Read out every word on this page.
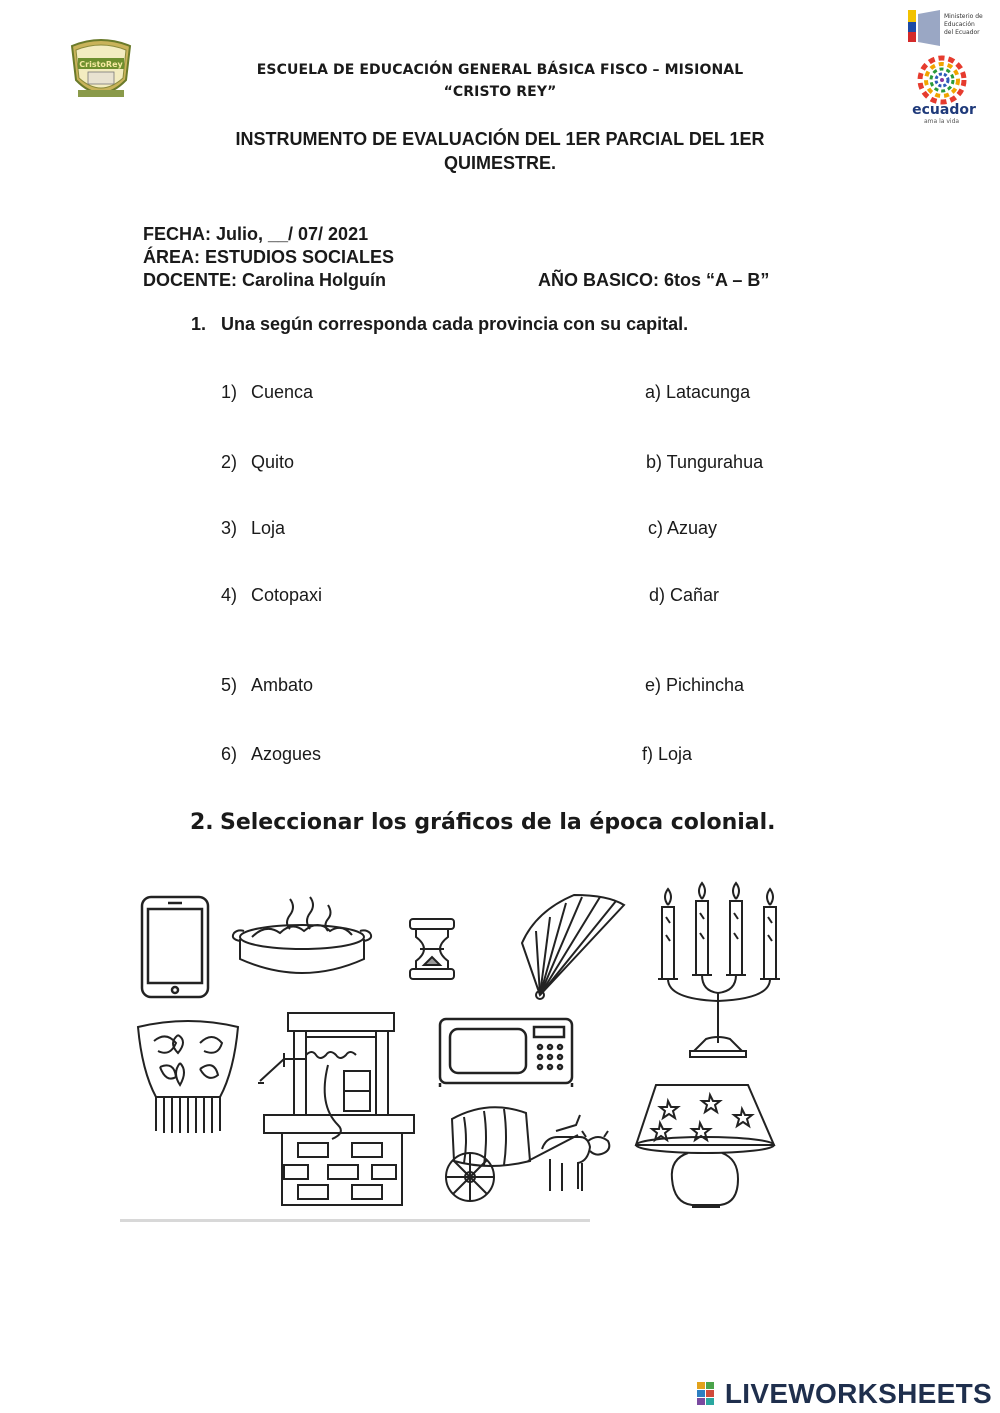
CristoRey	ESCUELA DE EDUCACIÓN GENERAL BÁSICA FISCO – MISIONAL
“CRISTO REY”
Ministerio de
Educación
del Ecuador
ecuador
ama la vida
INSTRUMENTO DE EVALUACIÓN DEL 1ER PARCIAL DEL 1ER
QUIMESTRE.
FECHA: Julio, __/ 07/ 2021
ÁREA: ESTUDIOS SOCIALES
DOCENTE: Carolina Holguín	AÑO BASICO: 6tos “A – B”
1. Una según corresponda cada provincia con su capital.
1) Cuenca
2) Quito
3) Loja
4) Cotopaxi
5) Ambato
6) Azogues
a) Latacunga
b) Tungurahua
c) Azuay
d) Cañar
e) Pichincha
f) Loja
2. Seleccionar los gráficos de la época colonial.
LIVEWORKSHEETS
